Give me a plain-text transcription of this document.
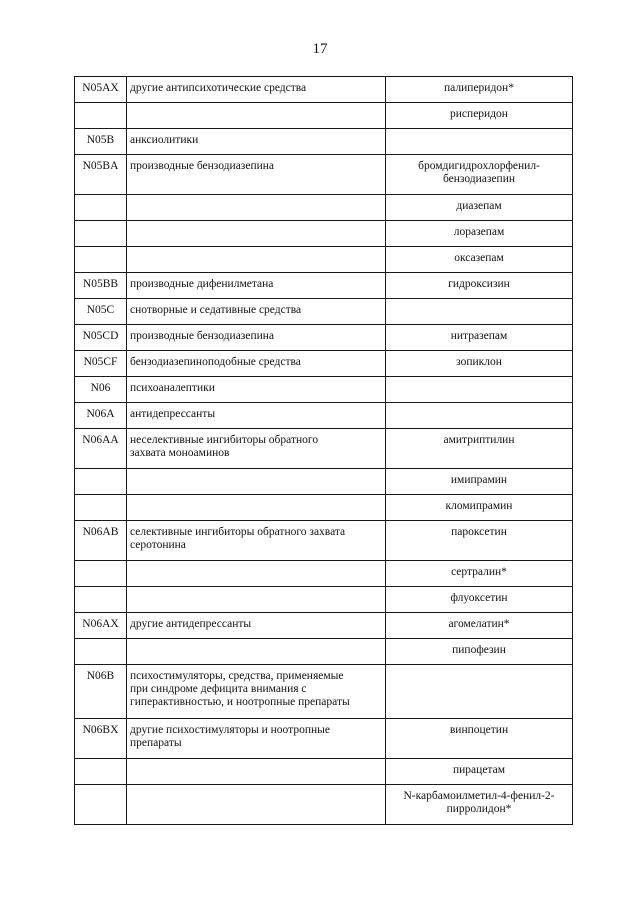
17
N05AX	другие антипсихотические средства	палиперидон*
		рисперидон
N05B	анксиолитики	
N05BA	производные бензодиазепина	бромдигидрохлорфенил-
бензодиазепин
		диазепам
		лоразепам
		оксазепам
N05BB	производные дифенилметана	гидроксизин
N05C	снотворные и седативные средства	
N05CD	производные бензодиазепина	нитразепам
N05CF	бензодиазепиноподобные средства	зопиклон
N06	психоаналептики	
N06A	антидепрессанты	
N06AA	неселективные ингибиторы обратного
захвата моноаминов	амитриптилин
		имипрамин
		кломипрамин
N06AB	селективные ингибиторы обратного захвата
серотонина	пароксетин
		сертралин*
		флуоксетин
N06AX	другие антидепрессанты	агомелатин*
		пипофезин
N06B	психостимуляторы, средства, применяемые
при синдроме дефицита внимания с
гиперактивностью, и ноотропные препараты	
N06BX	другие психостимуляторы и ноотропные
препараты	винпоцетин
		пирацетам
		N-карбамоилметил-4-фенил-2-
пирролидон*
